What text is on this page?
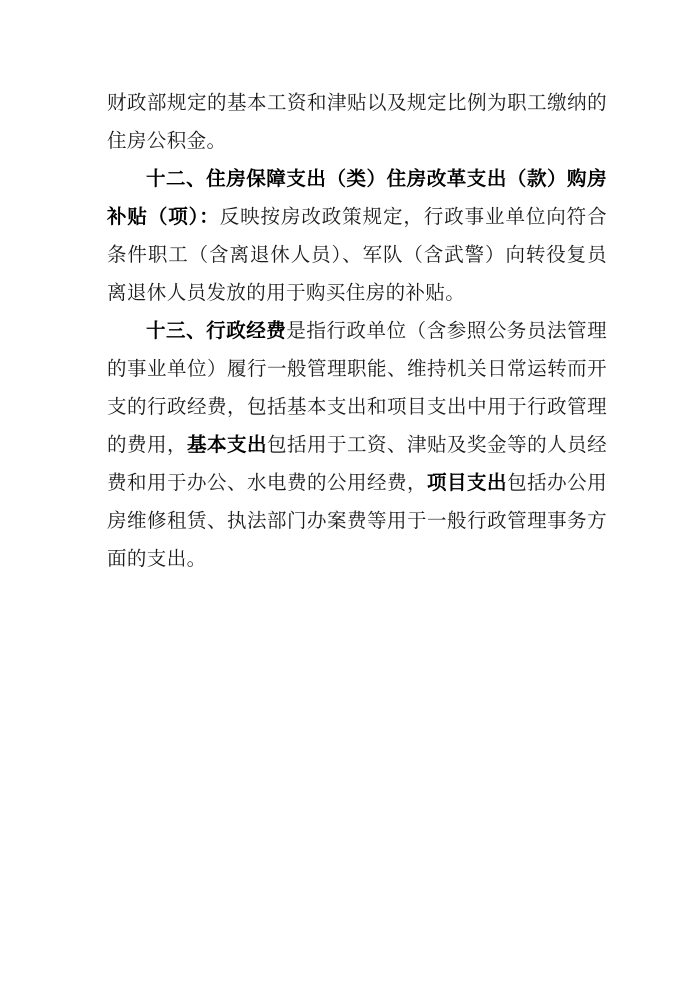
财政部规定的基本工资和津贴以及规定比例为职工缴纳的住房公积金。

十二、住房保障支出（类）住房改革支出（款）购房补贴（项）：反映按房改政策规定，行政事业单位向符合条件职工（含离退休人员）、军队（含武警）向转役复员离退休人员发放的用于购买住房的补贴。

十三、行政经费是指行政单位（含参照公务员法管理的事业单位）履行一般管理职能、维持机关日常运转而开支的行政经费，包括基本支出和项目支出中用于行政管理的费用，基本支出包括用于工资、津贴及奖金等的人员经费和用于办公、水电费的公用经费，项目支出包括办公用房维修租赁、执法部门办案费等用于一般行政管理事务方面的支出。
